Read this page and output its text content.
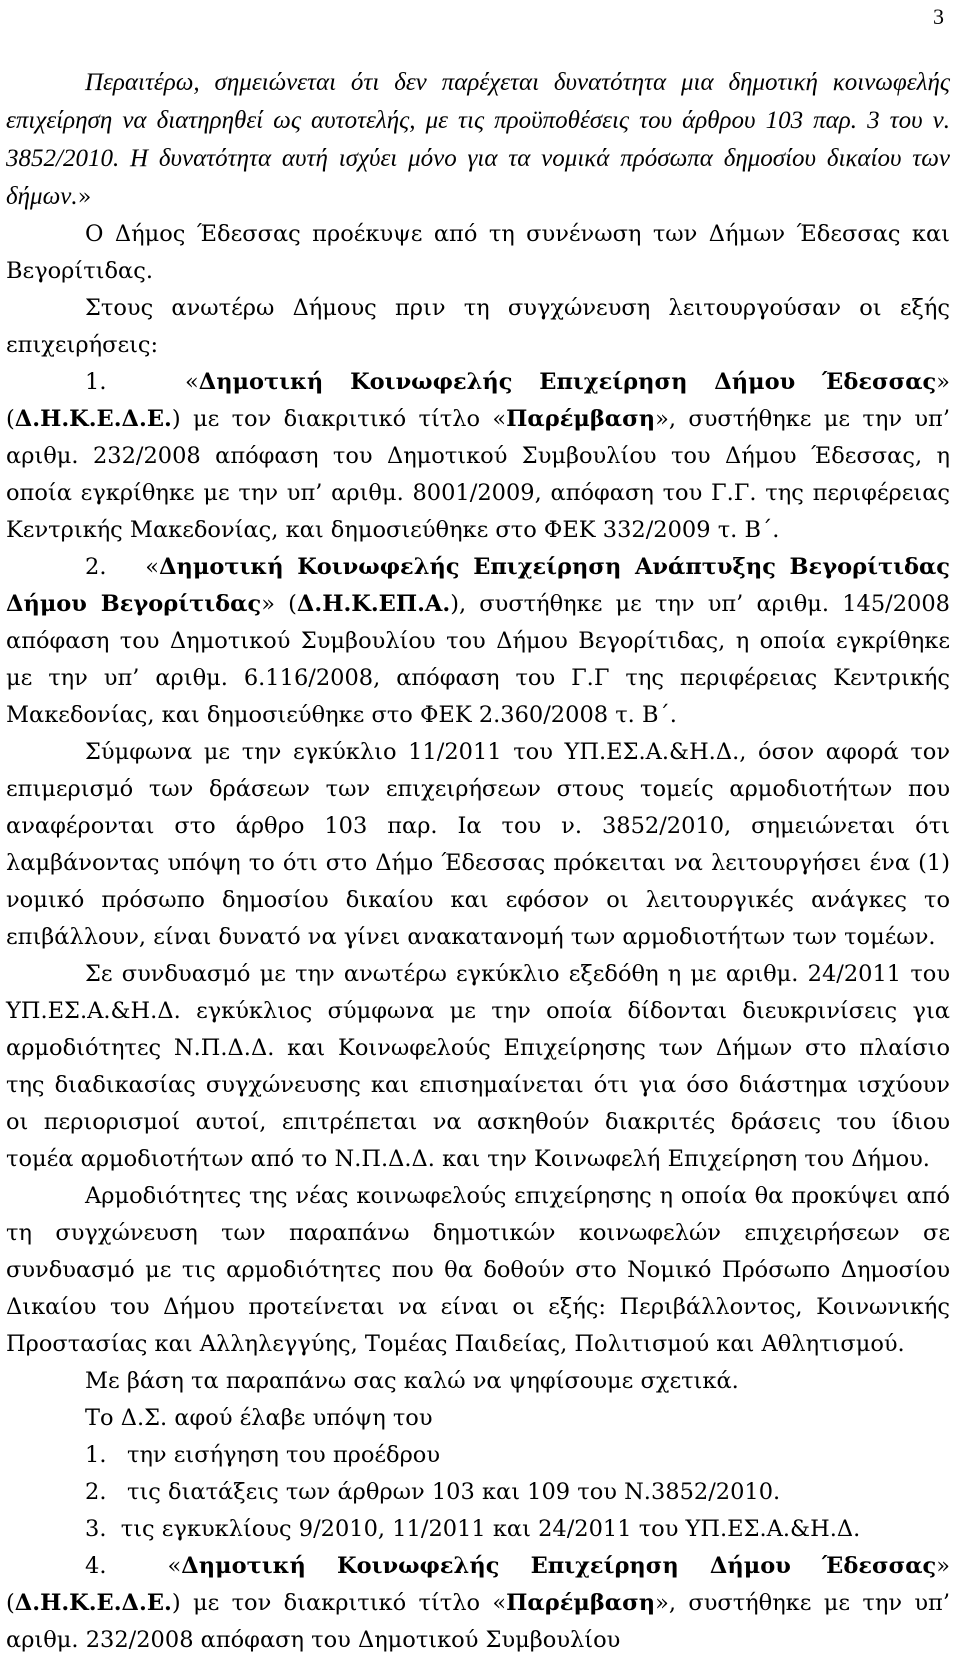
3

Περαιτέρω, σημειώνεται ότι δεν παρέχεται δυνατότητα μια δημοτική κοινωφελής επιχείρηση να διατηρηθεί ως αυτοτελής, με τις προϋποθέσεις του άρθρου 103 παρ. 3 του ν. 3852/2010. Η δυνατότητα αυτή ισχύει μόνο για τα νομικά πρόσωπα δημοσίου δικαίου των δήμων.»

Ο Δήμος Έδεσσας προέκυψε από τη συνένωση των Δήμων Έδεσσας και Βεγορίτιδας.

Στους ανωτέρω Δήμους πριν τη συγχώνευση λειτουργούσαν οι εξής επιχειρήσεις:

1.	«Δημοτική Κοινωφελής Επιχείρηση Δήμου Έδεσσας» (Δ.Η.Κ.Ε.Δ.Ε.) με τον διακριτικό τίτλο «Παρέμβαση», συστήθηκε με την υπ’ αριθμ. 232/2008 απόφαση του Δημοτικού Συμβουλίου του Δήμου Έδεσσας, η οποία εγκρίθηκε με την υπ’ αριθμ. 8001/2009, απόφαση του Γ.Γ. της περιφέρειας Κεντρικής Μακεδονίας, και δημοσιεύθηκε στο ΦΕΚ 332/2009 τ. Β΄.

2. «Δημοτική Κοινωφελής Επιχείρηση Ανάπτυξης Βεγορίτιδας Δήμου Βεγορίτιδας» (Δ.Η.Κ.ΕΠ.Α.), συστήθηκε με την υπ’ αριθμ. 145/2008 απόφαση του Δημοτικού Συμβουλίου του Δήμου Βεγορίτιδας, η οποία εγκρίθηκε με την υπ’ αριθμ. 6.116/2008, απόφαση του Γ.Γ της περιφέρειας Κεντρικής Μακεδονίας, και δημοσιεύθηκε στο ΦΕΚ 2.360/2008 τ. Β΄.

Σύμφωνα με την εγκύκλιο 11/2011 του ΥΠ.ΕΣ.Α.&Η.Δ., όσον αφορά τον επιμερισμό των δράσεων των επιχειρήσεων στους τομείς αρμοδιοτήτων που αναφέρονται στο άρθρο 103 παρ. Ια του ν. 3852/2010, σημειώνεται ότι λαμβάνοντας υπόψη το ότι στο Δήμο Έδεσσας πρόκειται να λειτουργήσει ένα (1) νομικό πρόσωπο δημοσίου δικαίου και εφόσον οι λειτουργικές ανάγκες το επιβάλλουν, είναι δυνατό να γίνει ανακατανομή των αρμοδιοτήτων των τομέων.

Σε συνδυασμό με την ανωτέρω εγκύκλιο εξεδόθη η με αριθμ. 24/2011 του ΥΠ.ΕΣ.Α.&Η.Δ. εγκύκλιος σύμφωνα με την οποία δίδονται διευκρινίσεις για αρμοδιότητες Ν.Π.Δ.Δ. και Κοινωφελούς Επιχείρησης των Δήμων στο πλαίσιο της διαδικασίας συγχώνευσης και επισημαίνεται ότι για όσο διάστημα ισχύουν οι περιορισμοί αυτοί, επιτρέπεται να ασκηθούν διακριτές δράσεις του ίδιου τομέα αρμοδιοτήτων από το Ν.Π.Δ.Δ. και την Κοινωφελή Επιχείρηση του Δήμου.

Αρμοδιότητες της νέας κοινωφελούς επιχείρησης η οποία θα προκύψει από τη συγχώνευση των παραπάνω δημοτικών κοινωφελών επιχειρήσεων σε συνδυασμό με τις αρμοδιότητες που θα δοθούν στο Νομικό Πρόσωπο Δημοσίου Δικαίου του Δήμου προτείνεται να είναι οι εξής: Περιβάλλοντος, Κοινωνικής Προστασίας και Αλληλεγγύης, Τομέας Παιδείας, Πολιτισμού και Αθλητισμού.

Με βάση τα παραπάνω σας καλώ να ψηφίσουμε σχετικά.

Το Δ.Σ. αφού έλαβε υπόψη του

1. την εισήγηση του προέδρου

2. τις διατάξεις των άρθρων 103 και 109 του Ν.3852/2010.

3. τις εγκυκλίους 9/2010, 11/2011 και 24/2011 του ΥΠ.ΕΣ.Α.&Η.Δ.

4.	«Δημοτική Κοινωφελής Επιχείρηση Δήμου Έδεσσας» (Δ.Η.Κ.Ε.Δ.Ε.) με τον διακριτικό τίτλο «Παρέμβαση», συστήθηκε με την υπ’ αριθμ. 232/2008 απόφαση του Δημοτικού Συμβουλίου
